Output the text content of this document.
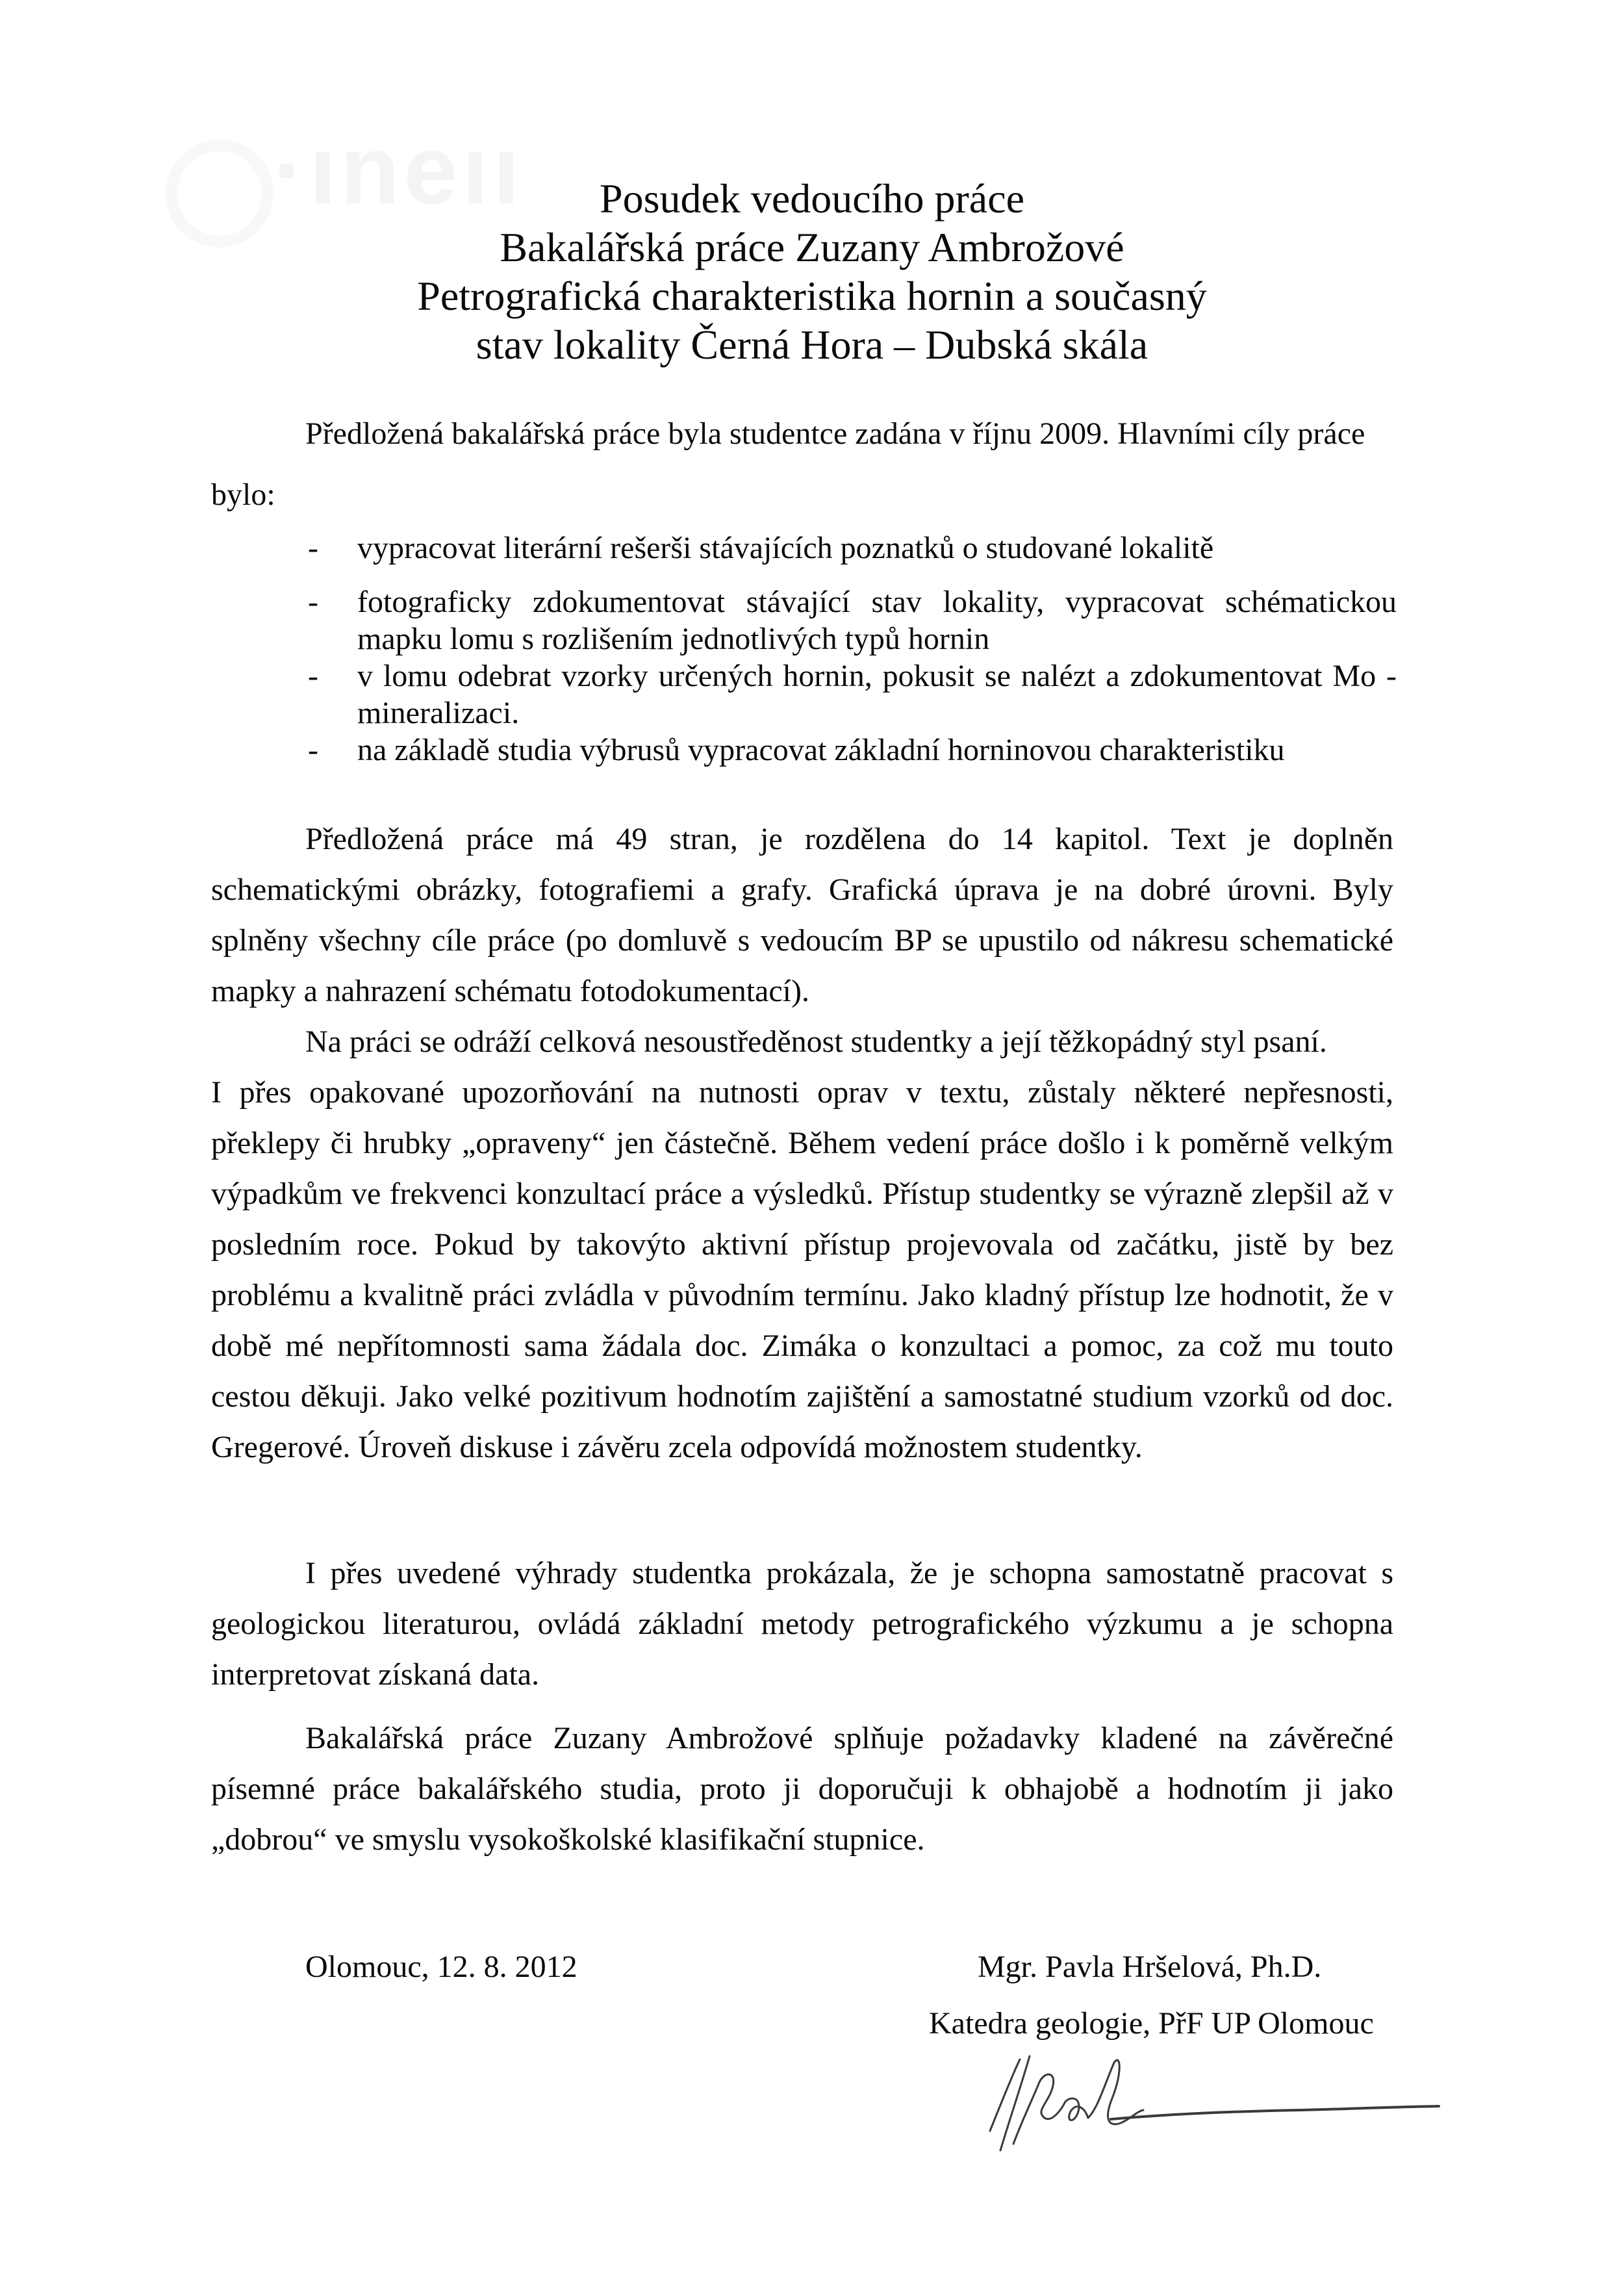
·ıneıı	Posudek vedoucího práce
Bakalářská práce Zuzany Ambrožové
Petrografická charakteristika hornin a současný
stav lokality Černá Hora – Dubská skála
Předložená bakalářská práce byla studentce zadána v říjnu 2009. Hlavními cíly práce
bylo:
- vypracovat literární rešerši stávajících poznatků o studované lokalitě
- fotograficky zdokumentovat stávající stav lokality, vypracovat schématickou mapku lomu s rozlišením jednotlivých typů hornin
- v lomu odebrat vzorky určených hornin, pokusit se nalézt a zdokumentovat Mo - mineralizaci.
- na základě studia výbrusů vypracovat základní horninovou charakteristiku

Předložená práce má 49 stran, je rozdělena do 14 kapitol. Text je doplněn schematickými obrázky, fotografiemi a grafy. Grafická úprava je na dobré úrovni. Byly splněny všechny cíle práce (po domluvě s vedoucím BP se upustilo od nákresu schematické mapky a nahrazení schématu fotodokumentací).

Na práci se odráží celková nesoustředěnost studentky a její těžkopádný styl psaní.

I přes opakované upozorňování na nutnosti oprav v textu, zůstaly některé nepřesnosti, překlepy či hrubky „opraveny“ jen částečně. Během vedení práce došlo i k poměrně velkým výpadkům ve frekvenci konzultací práce a výsledků. Přístup studentky se výrazně zlepšil až v posledním roce. Pokud by takovýto aktivní přístup projevovala od začátku, jistě by bez problému a kvalitně práci zvládla v původním termínu. Jako kladný přístup lze hodnotit, že v době mé nepřítomnosti sama žádala doc. Zimáka o konzultaci a pomoc, za což mu touto cestou děkuji. Jako velké pozitivum hodnotím zajištění a samostatné studium vzorků od doc. Gregerové. Úroveň diskuse i závěru zcela odpovídá možnostem studentky.

I přes uvedené výhrady studentka prokázala, že je schopna samostatně pracovat s geologickou literaturou, ovládá základní metody petrografického výzkumu a je schopna interpretovat získaná data.

Bakalářská práce Zuzany Ambrožové splňuje požadavky kladené na závěrečné písemné práce bakalářského studia, proto ji doporučuji k obhajobě a hodnotím ji jako „dobrou“ ve smyslu vysokoškolské klasifikační stupnice.

Olomouc, 12. 8. 2012	Mgr. Pavla Hršelová, Ph.D.
Katedra geologie, PřF UP Olomouc
